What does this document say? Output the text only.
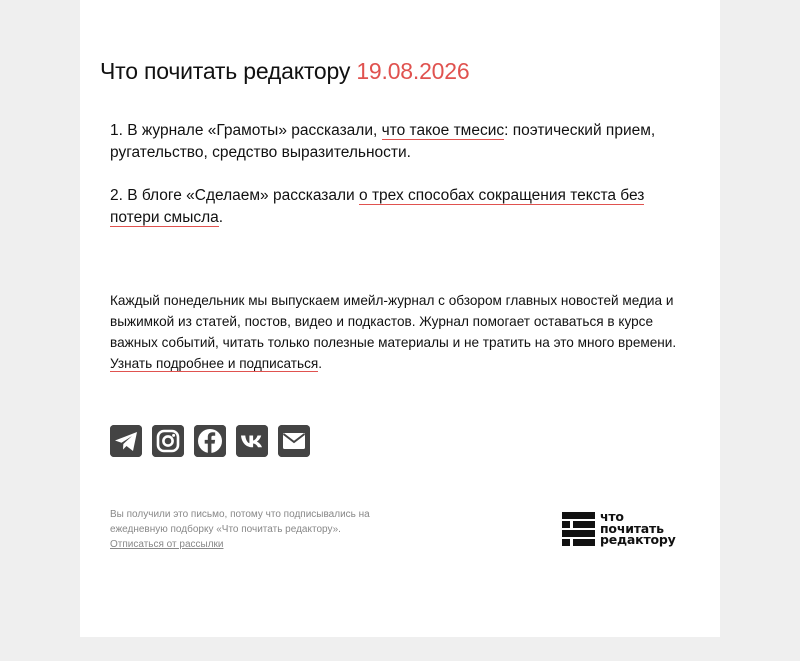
Что почитать редактору 19.08.2026
1. В журнале «Грамоты» рассказали, что такое тмесис: поэтический прием, ругательство, средство выразительности.
2. В блоге «Сделаем» рассказали о трех способах сокращения текста без потери смысла.
Каждый понедельник мы выпускаем имейл-журнал с обзором главных новостей медиа и выжимкой из статей, постов, видео и подкастов. Журнал помогает оставаться в курсе важных событий, читать только полезные материалы и не тратить на это много времени. Узнать подробнее и подписаться.
Вы получили это письмо, потому что подписывались на ежедневную подборку «Что почитать редактору».
Отписаться от рассылки
что
почитать
редактору
